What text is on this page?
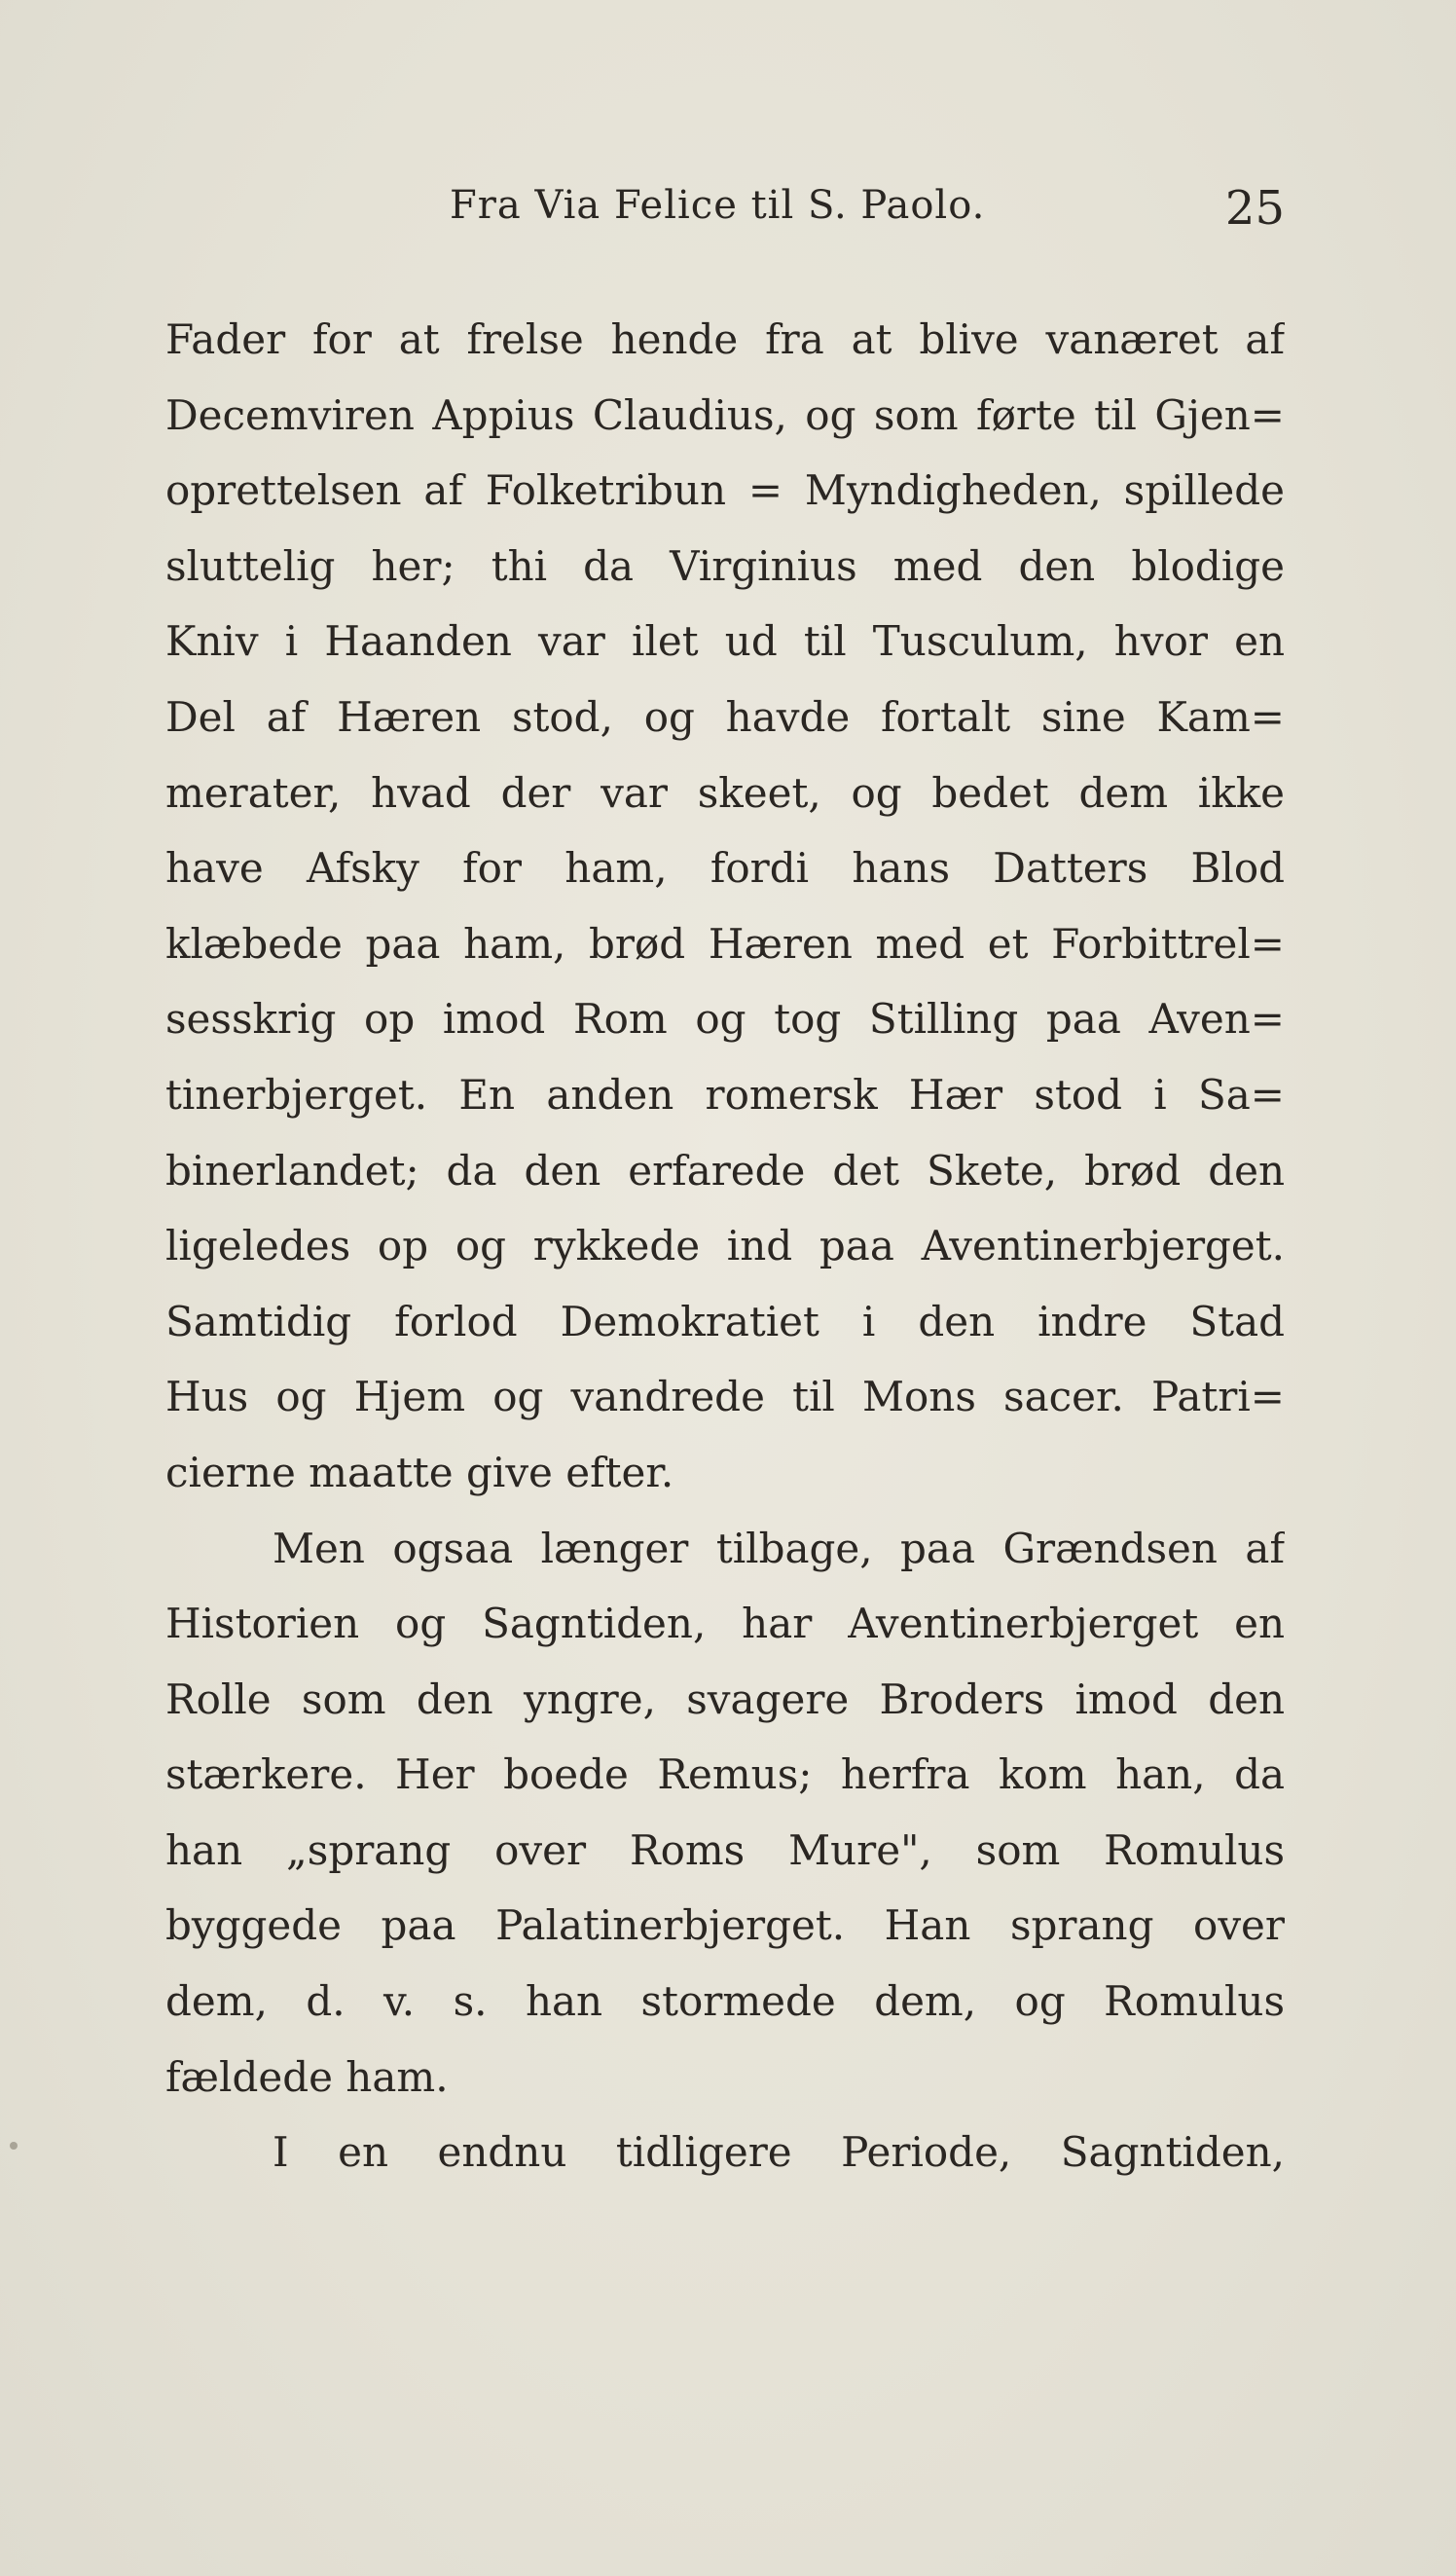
Fra Via Felice til S. Paolo.	25
Fader for at frelse hende fra at blive vanæret af
Decemviren Appius Claudius, og som førte til Gjen=
oprettelsen af Folketribun = Myndigheden, spillede
sluttelig her; thi da Virginius med den blodige
Kniv i Haanden var ilet ud til Tusculum, hvor en
Del af Hæren stod, og havde fortalt sine Kam=
merater, hvad der var skeet, og bedet dem ikke
have Afsky for ham, fordi hans Datters Blod
klæbede paa ham, brød Hæren med et Forbittrel=
sesskrig op imod Rom og tog Stilling paa Aven=
tinerbjerget. En anden romersk Hær stod i Sa=
binerlandet; da den erfarede det Skete, brød den
ligeledes op og rykkede ind paa Aventinerbjerget.
Samtidig forlod Demokratiet i den indre Stad
Hus og Hjem og vandrede til Mons sacer. Patri=
cierne maatte give efter.
Men ogsaa længer tilbage, paa Grændsen af
Historien og Sagntiden, har Aventinerbjerget en
Rolle som den yngre, svagere Broders imod den
stærkere. Her boede Remus; herfra kom han, da
han „sprang over Roms Mure", som Romulus
byggede paa Palatinerbjerget. Han sprang over
dem, d. v. s. han stormede dem, og Romulus
fældede ham.
I en endnu tidligere Periode, Sagntiden,
